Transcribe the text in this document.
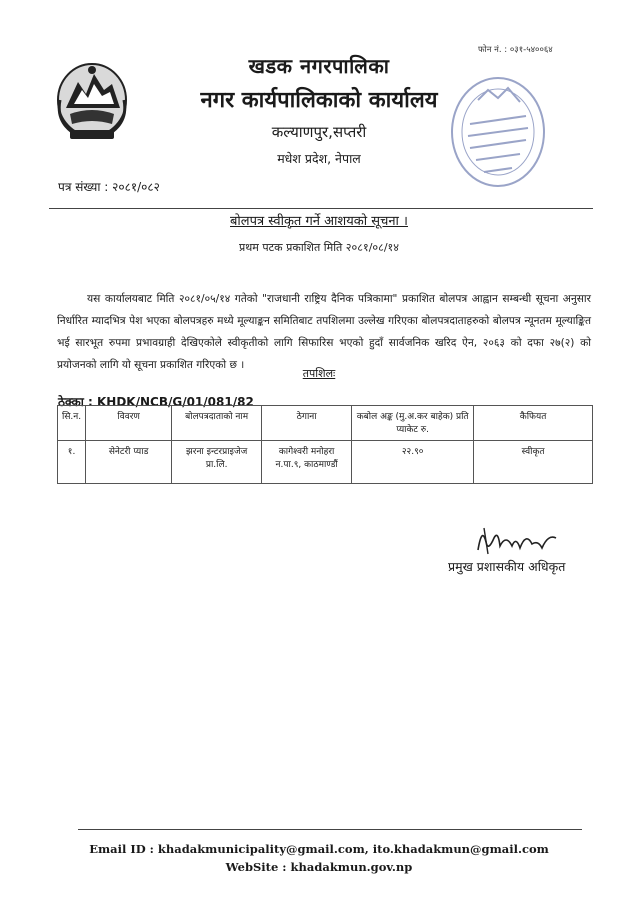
फोन नं. : ०३१-५४००६४
खडक नगरपालिका
नगर कार्यपालिकाको कार्यालय
कल्याणपुर,सप्तरी
मधेश प्रदेश, नेपाल
पत्र संख्या : २०८१/०८२
बोलपत्र स्वीकृत गर्ने आशयको सूचना ।
प्रथम पटक प्रकाशित मिति २०८१/०८/१४

यस कार्यालयबाट मिति २०८१/०५/१४ गतेको "राजधानी राष्ट्रिय दैनिक पत्रिकामा" प्रकाशित बोलपत्र आह्वान सम्बन्धी सूचना अनुसार निर्धारित म्यादभित्र पेश भएका बोलपत्रहरु मध्ये मूल्याङ्कन समितिबाट तपशिलमा उल्लेख गरिएका बोलपत्रदाताहरुको बोलपत्र न्यूनतम मूल्याङ्कित भई सारभूत रुपमा प्रभावग्राही देखिएकोले स्वीकृतीको लागि सिफारिस भएको हुदाँ सार्वजनिक खरिद ऐन, २०६३ को दफा २७(२) को प्रयोजनको लागि यो सूचना प्रकाशित गरिएको छ ।

तपशिलः
ठेक्का : KHDK/NCB/G/01/081/82
सि.न.	विवरण	बोलपत्रदाताको नाम	ठेगाना	कबोल अङ्क (मु.अ.कर बाहेक) प्रति प्याकेट रु.	कैफियत
१.	सेनेटरी प्याड	झरना इन्टरप्राइजेज प्रा.लि.	कागेश्वरी मनोहरा न.पा.९, काठमाण्डौं	२२.९०	स्वीकृत
प्रमुख प्रशासकीय अधिकृत
Email ID : khadakmunicipality@gmail.com, ito.khadakmun@gmail.com
WebSite : khadakmun.gov.np
